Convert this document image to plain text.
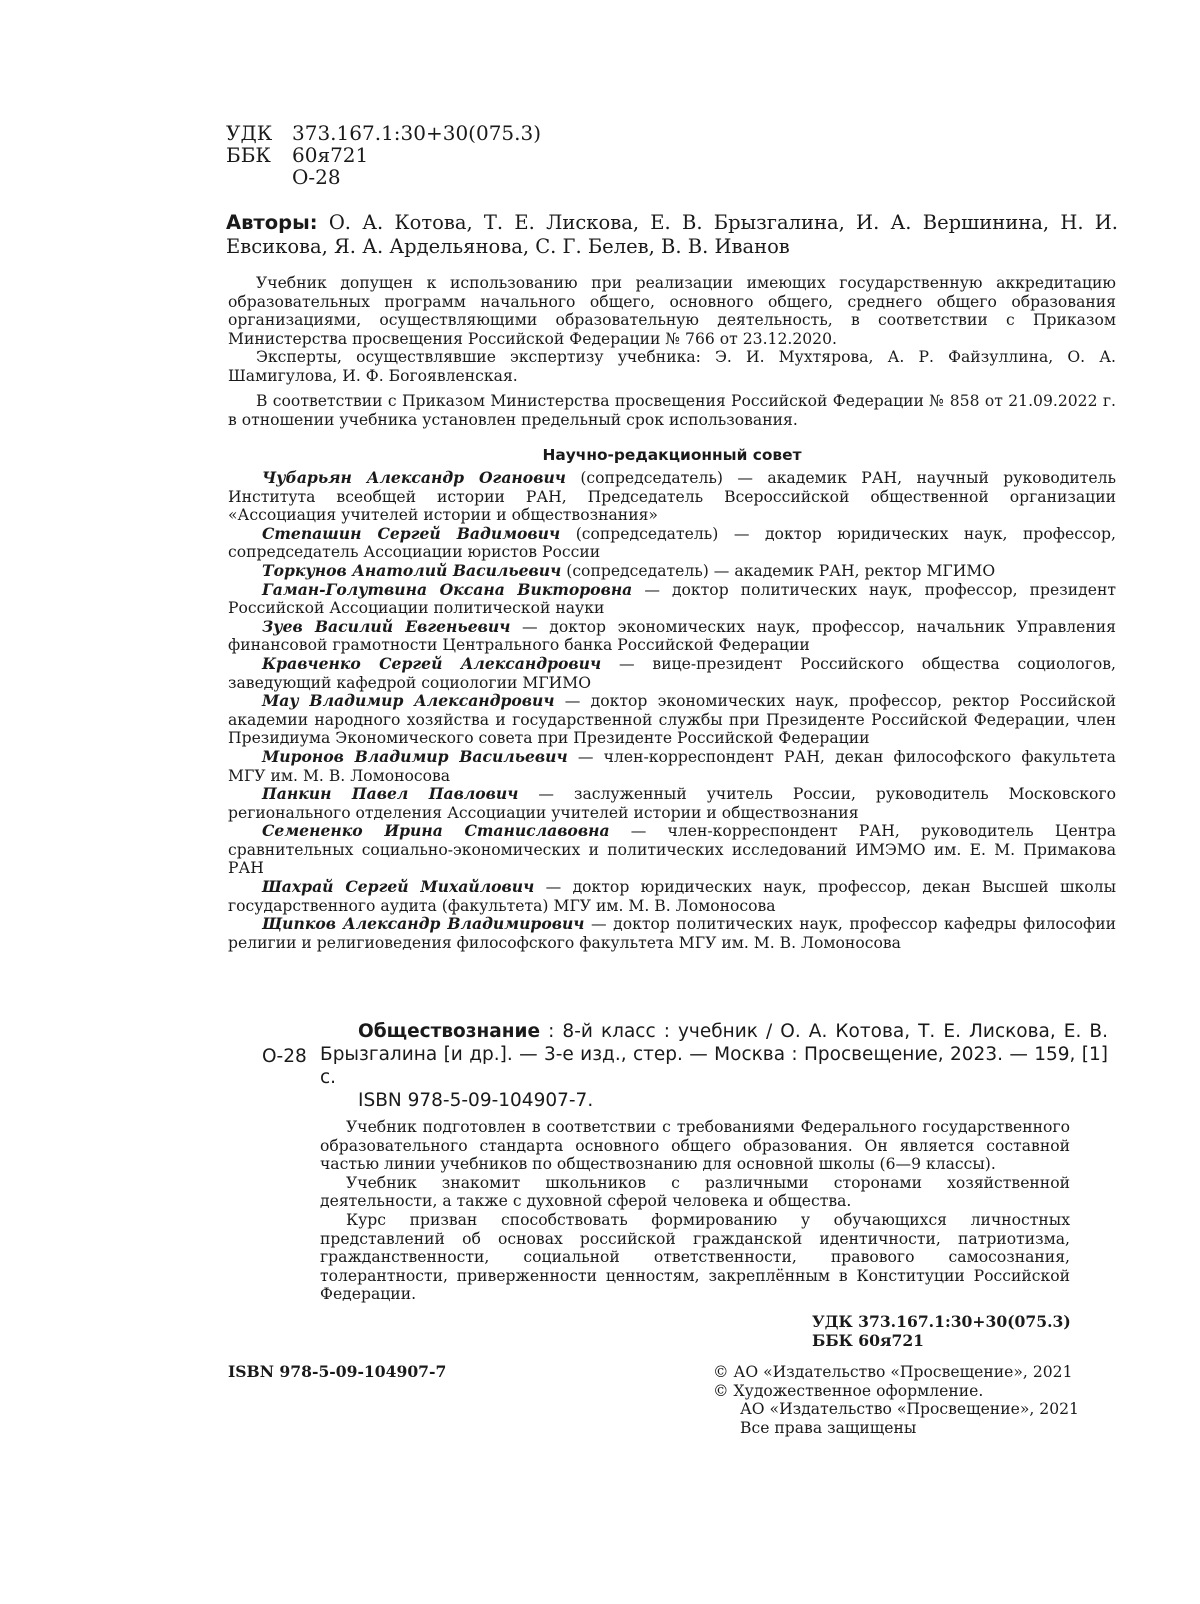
УДК 373.167.1:30+30(075.3)
ББК 60я721
О-28
Авторы: О. А. Котова, Т. Е. Лискова, Е. В. Брызгалина, И. А. Вершинина, Н. И. Евсикова, Я. А. Ардельянова, С. Г. Белев, В. В. Иванов
Учебник допущен к использованию при реализации имеющих государственную аккредитацию образовательных программ начального общего, основного общего, среднего общего образования организациями, осуществляющими образовательную деятельность, в соответствии с Приказом Министерства просвещения Российской Федерации № 766 от 23.12.2020.
Эксперты, осуществлявшие экспертизу учебника: Э. И. Мухтярова, А. Р. Файзуллина, О. А. Шамигулова, И. Ф. Богоявленская.
В соответствии с Приказом Министерства просвещения Российской Федерации № 858 от 21.09.2022 г. в отношении учебника установлен предельный срок использования.
Научно-редакционный совет
Чубарьян Александр Оганович (сопредседатель) — академик РАН, научный руководитель Института всеобщей истории РАН, Председатель Всероссийской общественной организации «Ассоциация учителей истории и обществознания»
Степашин Сергей Вадимович (сопредседатель) — доктор юридических наук, профессор, сопредседатель Ассоциации юристов России
Торкунов Анатолий Васильевич (сопредседатель) — академик РАН, ректор МГИМО
Гаман-Голутвина Оксана Викторовна — доктор политических наук, профессор, президент Российской Ассоциации политической науки
Зуев Василий Евгеньевич — доктор экономических наук, профессор, начальник Управления финансовой грамотности Центрального банка Российской Федерации
Кравченко Сергей Александрович — вице-президент Российского общества социологов, заведующий кафедрой социологии МГИМО
Мау Владимир Александрович — доктор экономических наук, профессор, ректор Российской академии народного хозяйства и государственной службы при Президенте Российской Федерации, член Президиума Экономического совета при Президенте Российской Федерации
Миронов Владимир Васильевич — член-корреспондент РАН, декан философского факультета МГУ им. М. В. Ломоносова
Панкин Павел Павлович — заслуженный учитель России, руководитель Московского регионального отделения Ассоциации учителей истории и обществознания
Семененко Ирина Станиславовна — член-корреспондент РАН, руководитель Центра сравнительных социально-экономических и политических исследований ИМЭМО им. Е. М. Примакова РАН
Шахрай Сергей Михайлович — доктор юридических наук, профессор, декан Высшей школы государственного аудита (факультета) МГУ им. М. В. Ломоносова
Щипков Александр Владимирович — доктор политических наук, профессор кафедры философии религии и религиоведения философского факультета МГУ им. М. В. Ломоносова
О-28
Обществознание : 8-й класс : учебник / О. А. Котова, Т. Е. Лискова, Е. В. Брызгалина [и др.]. — 3-е изд., стер. — Москва : Просвещение, 2023. — 159, [1] с.
ISBN 978-5-09-104907-7.
Учебник подготовлен в соответствии с требованиями Федерального государственного образовательного стандарта основного общего образования. Он является составной частью линии учебников по обществознанию для основной школы (6—9 классы).
Учебник знакомит школьников с различными сторонами хозяйственной деятельности, а также с духовной сферой человека и общества.
Курс призван способствовать формированию у обучающихся личностных представлений об основах российской гражданской идентичности, патриотизма, гражданственности, социальной ответственности, правового самосознания, толерантности, приверженности ценностям, закреплённым в Конституции Российской Федерации.
УДК 373.167.1:30+30(075.3)
ББК 60я721
ISBN 978-5-09-104907-7	© АО «Издательство «Просвещение», 2021
© Художественное оформление.
АО «Издательство «Просвещение», 2021
Все права защищены
